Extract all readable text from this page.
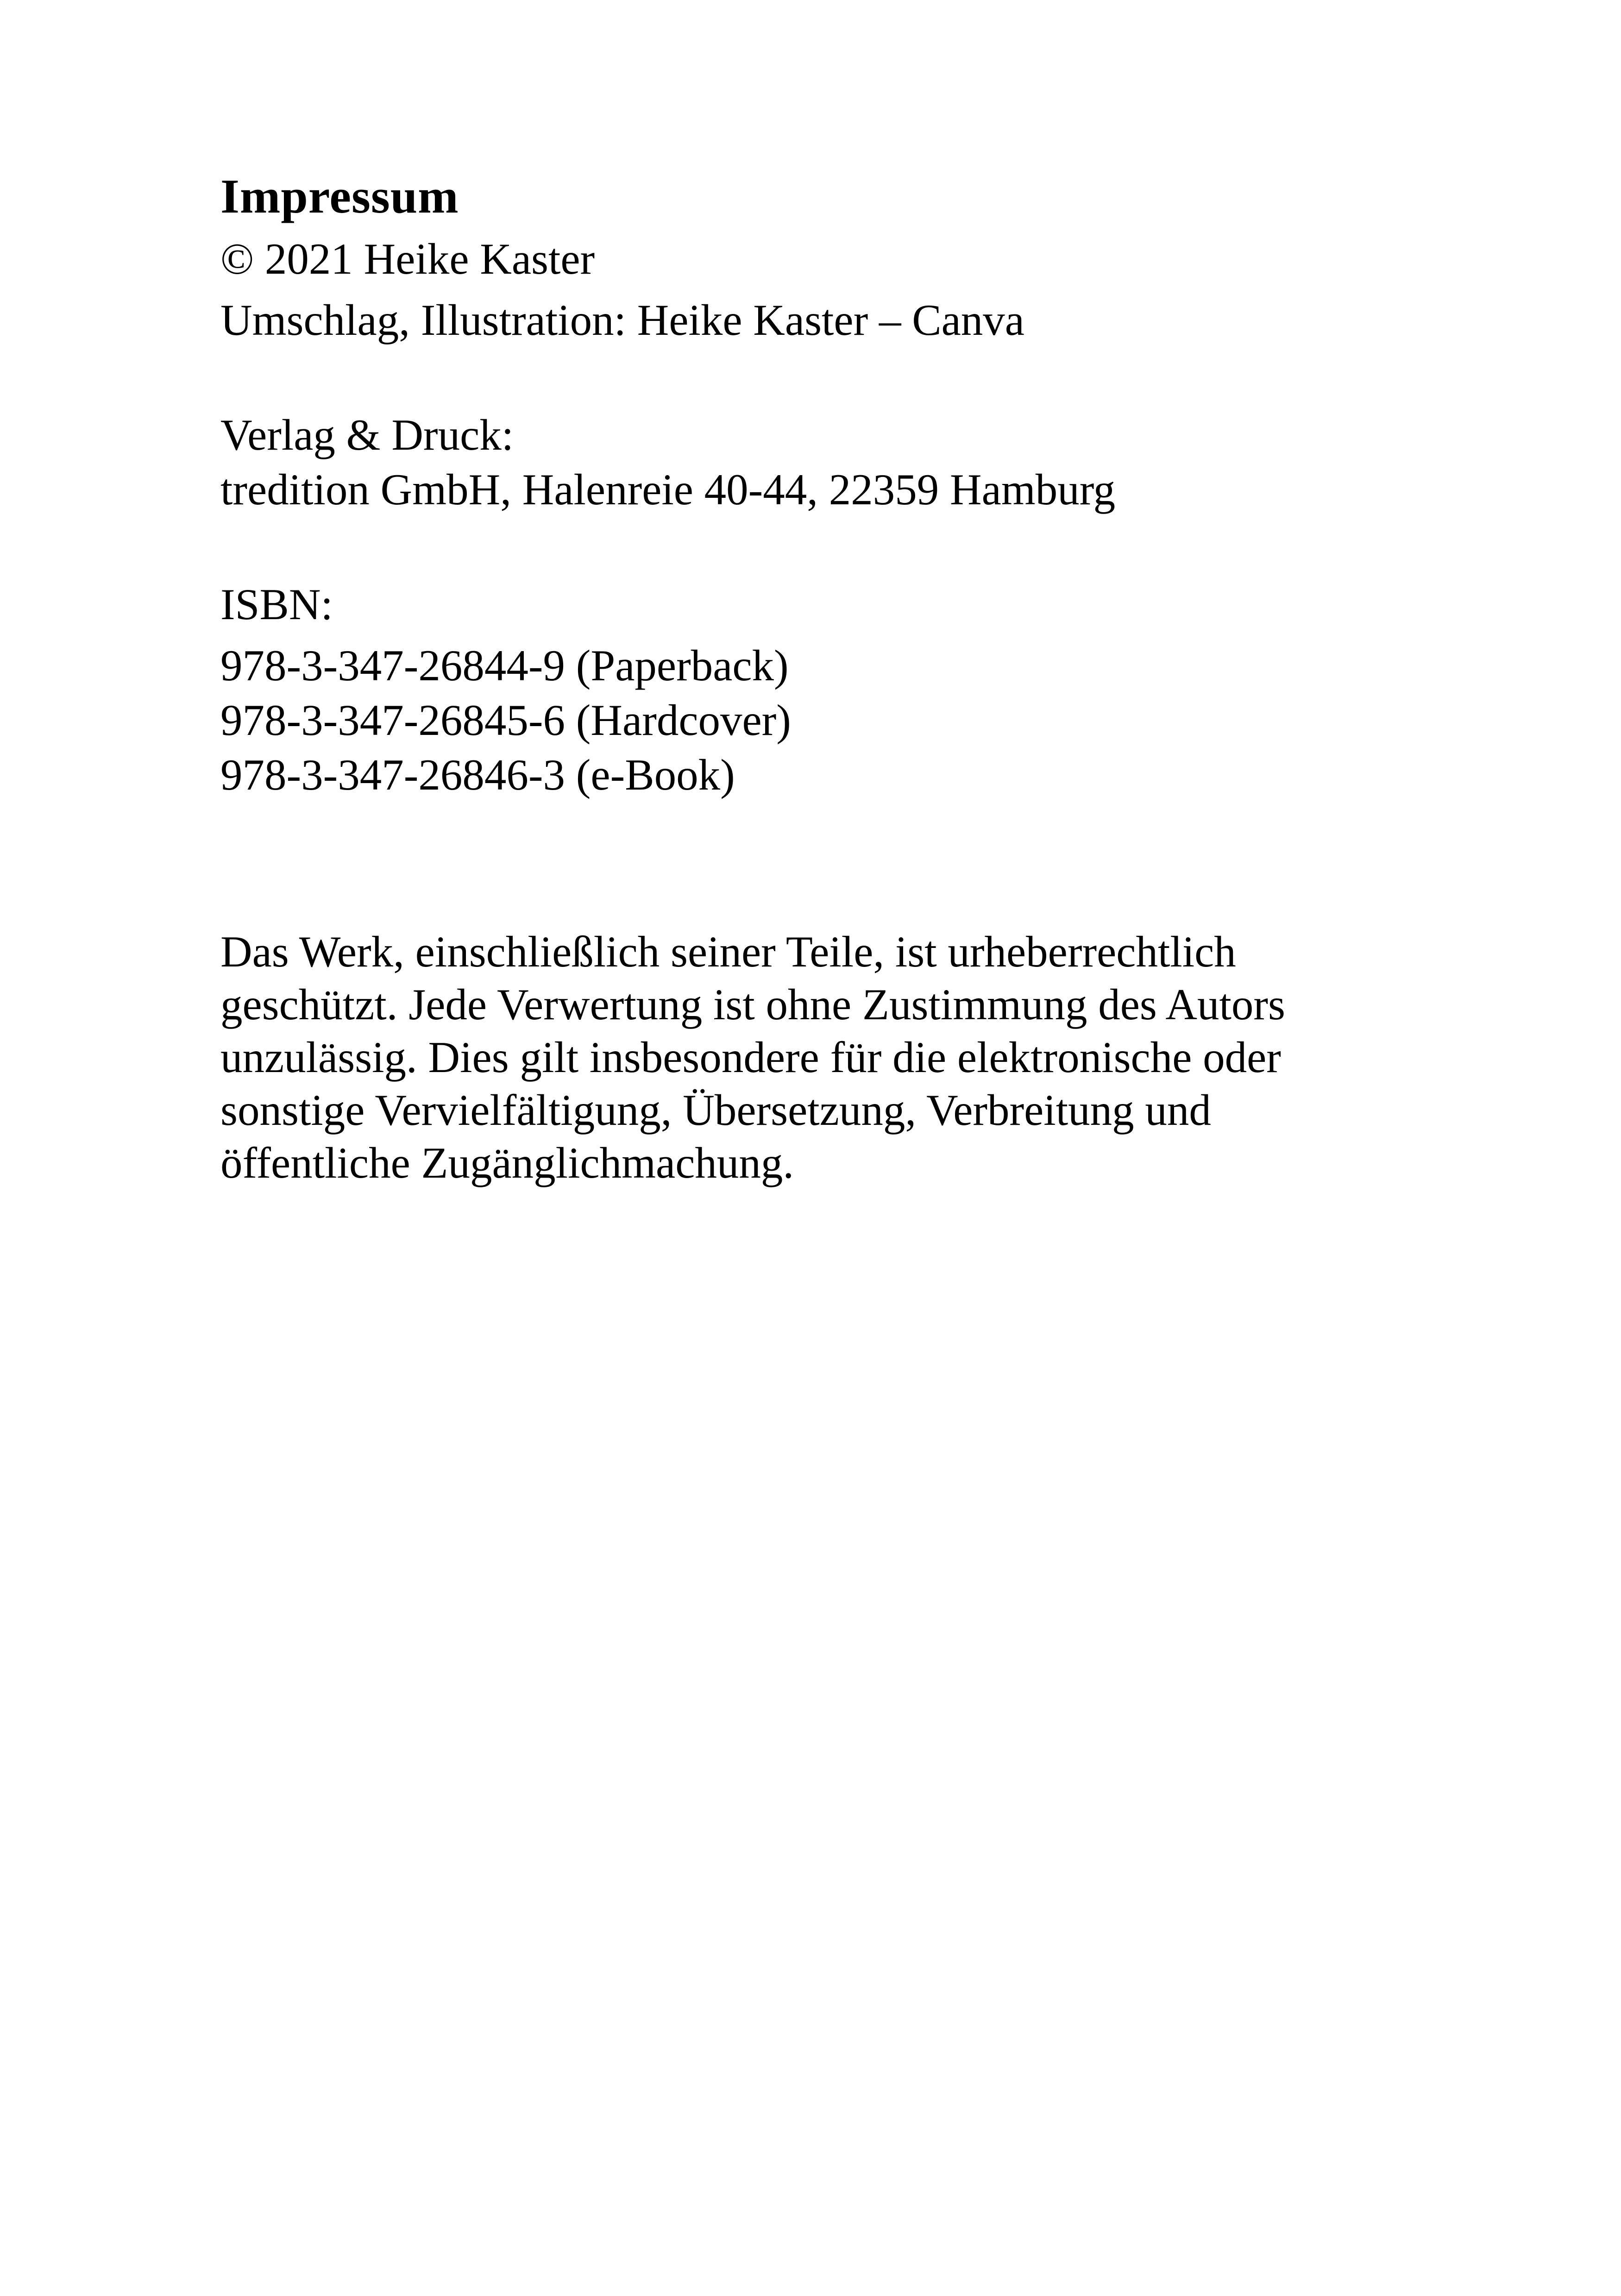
Impressum

© 2021 Heike Kaster

Umschlag, Illustration: Heike Kaster – Canva

Verlag & Druck:

tredition GmbH, Halenreie 40-44, 22359 Hamburg

ISBN:

978-3-347-26844-9 (Paperback)

978-3-347-26845-6 (Hardcover)

978-3-347-26846-3 (e-Book)

Das Werk, einschließlich seiner Teile, ist urheberrechtlich

geschützt. Jede Verwertung ist ohne Zustimmung des Autors

unzulässig. Dies gilt insbesondere für die elektronische oder

sonstige Vervielfältigung, Übersetzung, Verbreitung und

öffentliche Zugänglichmachung.
